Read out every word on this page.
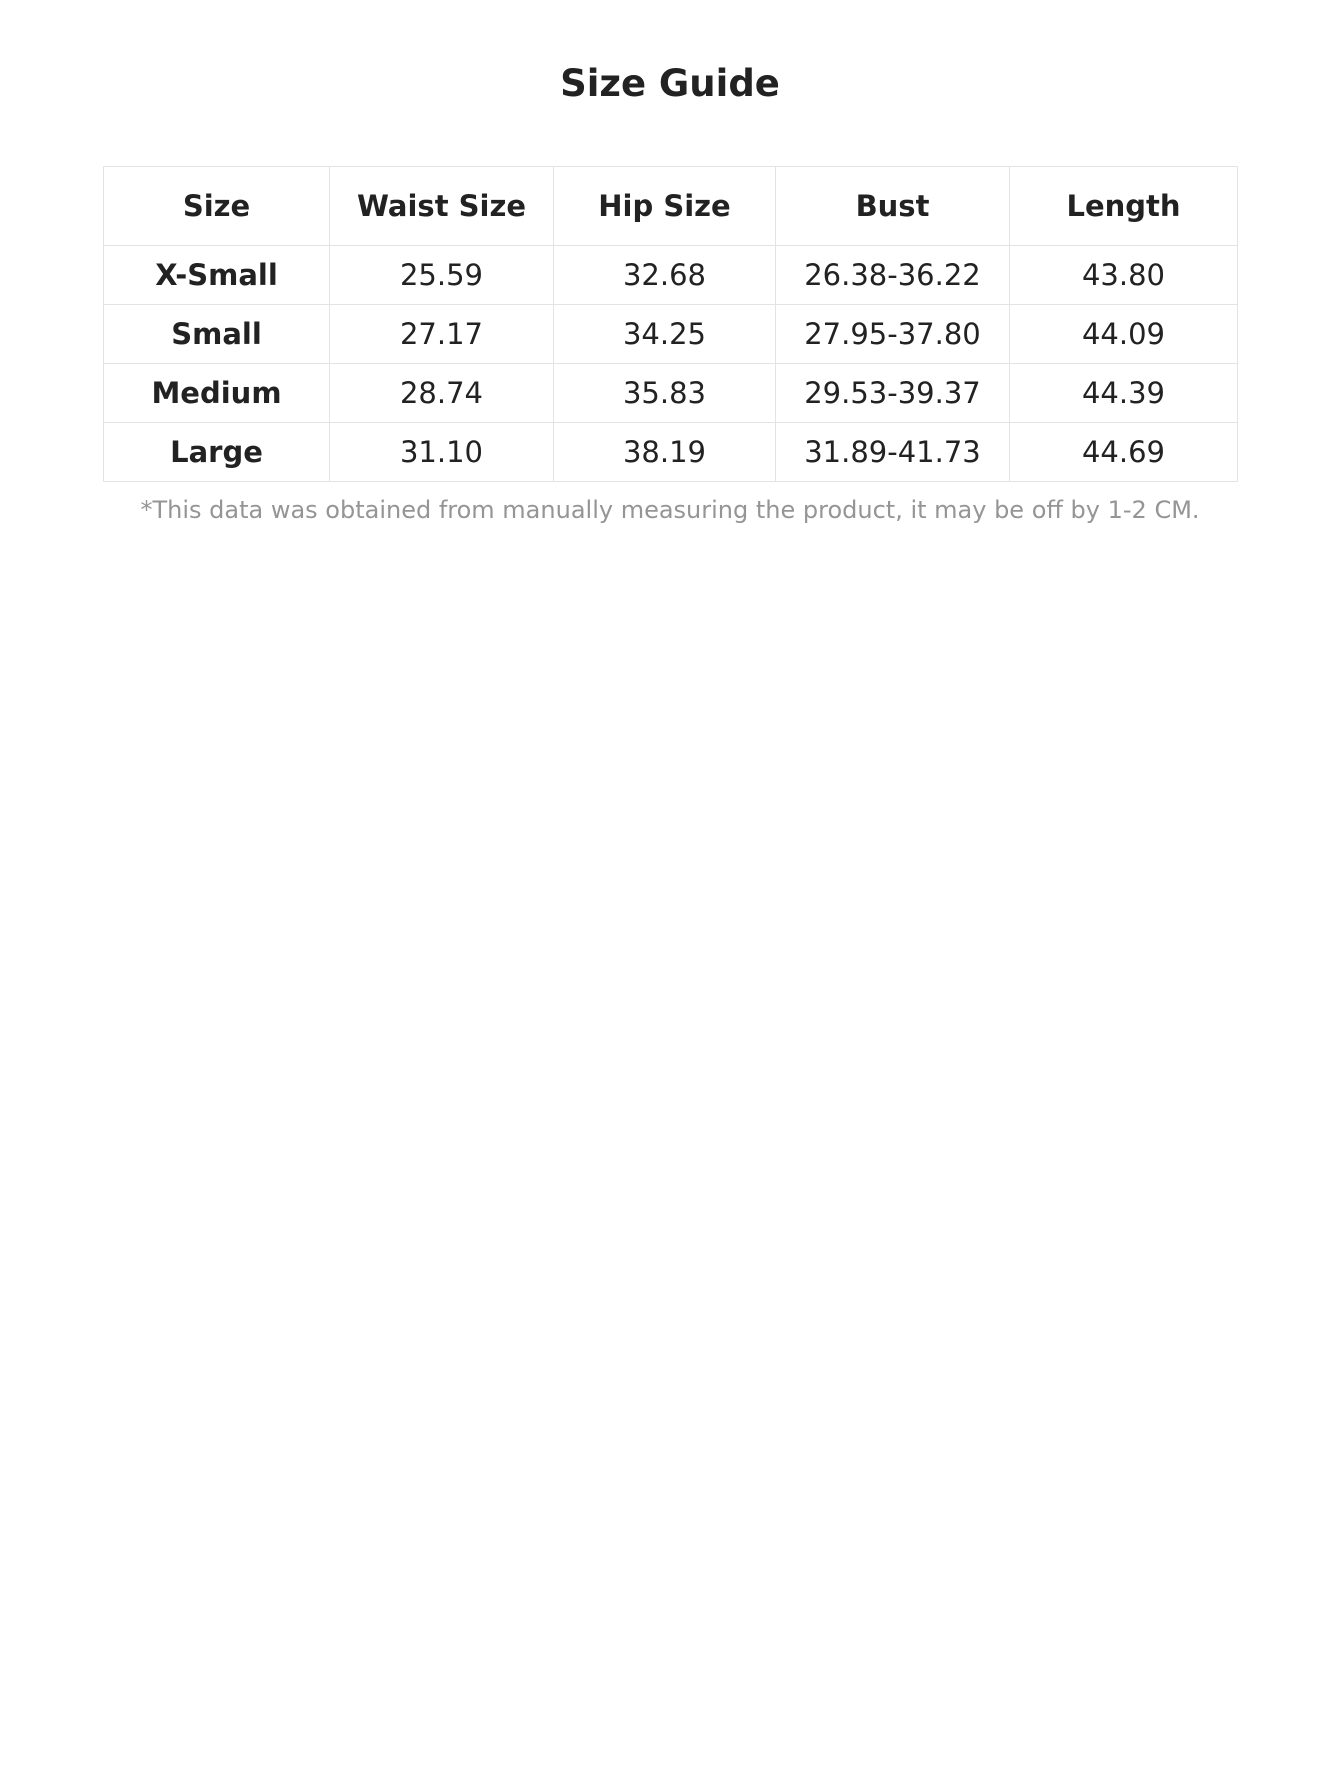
Size Guide
Size	Waist Size	Hip Size	Bust	Length
X-Small	25.59	32.68	26.38-36.22	43.80
Small	27.17	34.25	27.95-37.80	44.09
Medium	28.74	35.83	29.53-39.37	44.39
Large	31.10	38.19	31.89-41.73	44.69

*This data was obtained from manually measuring the product, it may be off by 1-2 CM.
